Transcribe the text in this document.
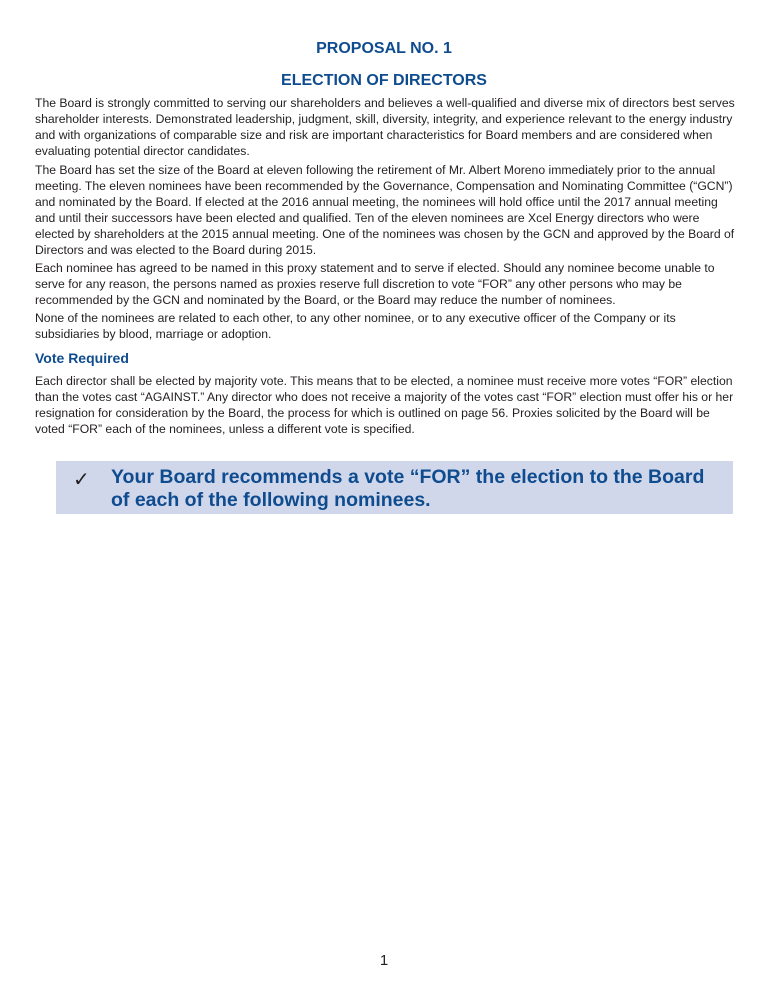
PROPOSAL NO. 1
ELECTION OF DIRECTORS

The Board is strongly committed to serving our shareholders and believes a well-qualified and diverse mix of directors best serves shareholder interests. Demonstrated leadership, judgment, skill, diversity, integrity, and experience relevant to the energy industry and with organizations of comparable size and risk are important characteristics for Board members and are considered when evaluating potential director candidates.

The Board has set the size of the Board at eleven following the retirement of Mr. Albert Moreno immediately prior to the annual meeting. The eleven nominees have been recommended by the Governance, Compensation and Nominating Committee (“GCN”) and nominated by the Board. If elected at the 2016 annual meeting, the nominees will hold office until the 2017 annual meeting and until their successors have been elected and qualified. Ten of the eleven nominees are Xcel Energy directors who were elected by shareholders at the 2015 annual meeting. One of the nominees was chosen by the GCN and approved by the Board of Directors and was elected to the Board during 2015.

Each nominee has agreed to be named in this proxy statement and to serve if elected. Should any nominee become unable to serve for any reason, the persons named as proxies reserve full discretion to vote “FOR” any other persons who may be recommended by the GCN and nominated by the Board, or the Board may reduce the number of nominees.

None of the nominees are related to each other, to any other nominee, or to any executive officer of the Company or its subsidiaries by blood, marriage or adoption.

Vote Required

Each director shall be elected by majority vote. This means that to be elected, a nominee must receive more votes “FOR” election than the votes cast “AGAINST.” Any director who does not receive a majority of the votes cast “FOR” election must offer his or her resignation for consideration by the Board, the process for which is outlined on page 56. Proxies solicited by the Board will be voted “FOR” each of the nominees, unless a different vote is specified.

✓ Your Board recommends a vote “FOR” the election to the Board of each of the following nominees.
1
